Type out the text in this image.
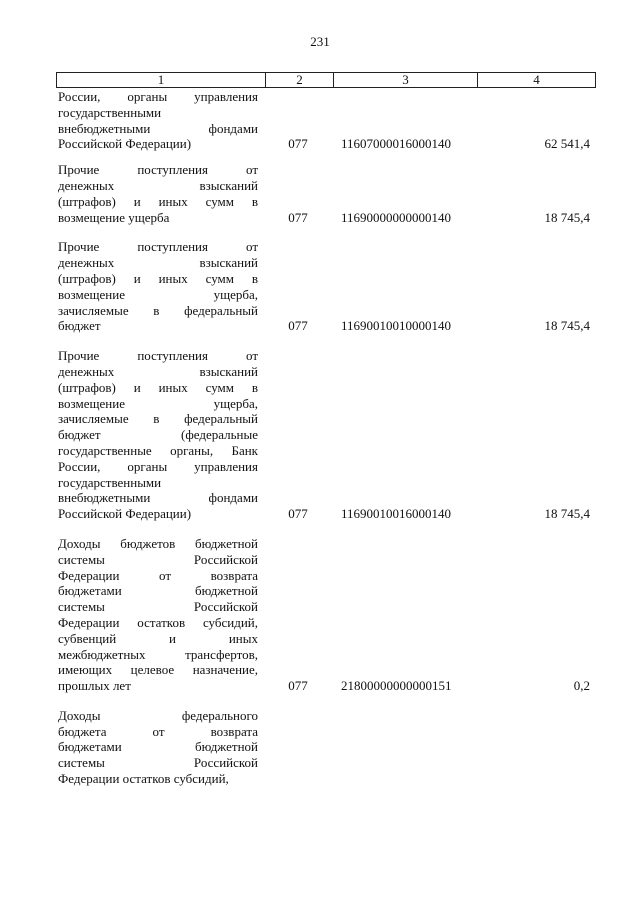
231
1	2	3	4
России, органы управления
государственными
внебюджетными фондами
Российской Федерации)	077	11607000016000140	62 541,4
Прочие поступления от
денежных взысканий
(штрафов) и иных сумм в
возмещение ущерба	077	11690000000000140	18 745,4
Прочие поступления от
денежных взысканий
(штрафов) и иных сумм в
возмещение ущерба,
зачисляемые в федеральный
бюджет	077	11690010010000140	18 745,4
Прочие поступления от
денежных взысканий
(штрафов) и иных сумм в
возмещение ущерба,
зачисляемые в федеральный
бюджет (федеральные
государственные органы, Банк
России, органы управления
государственными
внебюджетными фондами
Российской Федерации)	077	11690010016000140	18 745,4
Доходы бюджетов бюджетной
системы Российской
Федерации от возврата
бюджетами бюджетной
системы Российской
Федерации остатков субсидий,
субвенций и иных
межбюджетных трансфертов,
имеющих целевое назначение,
прошлых лет	077	21800000000000151	0,2
Доходы федерального
бюджета от возврата
бюджетами бюджетной
системы Российской
Федерации остатков субсидий,
